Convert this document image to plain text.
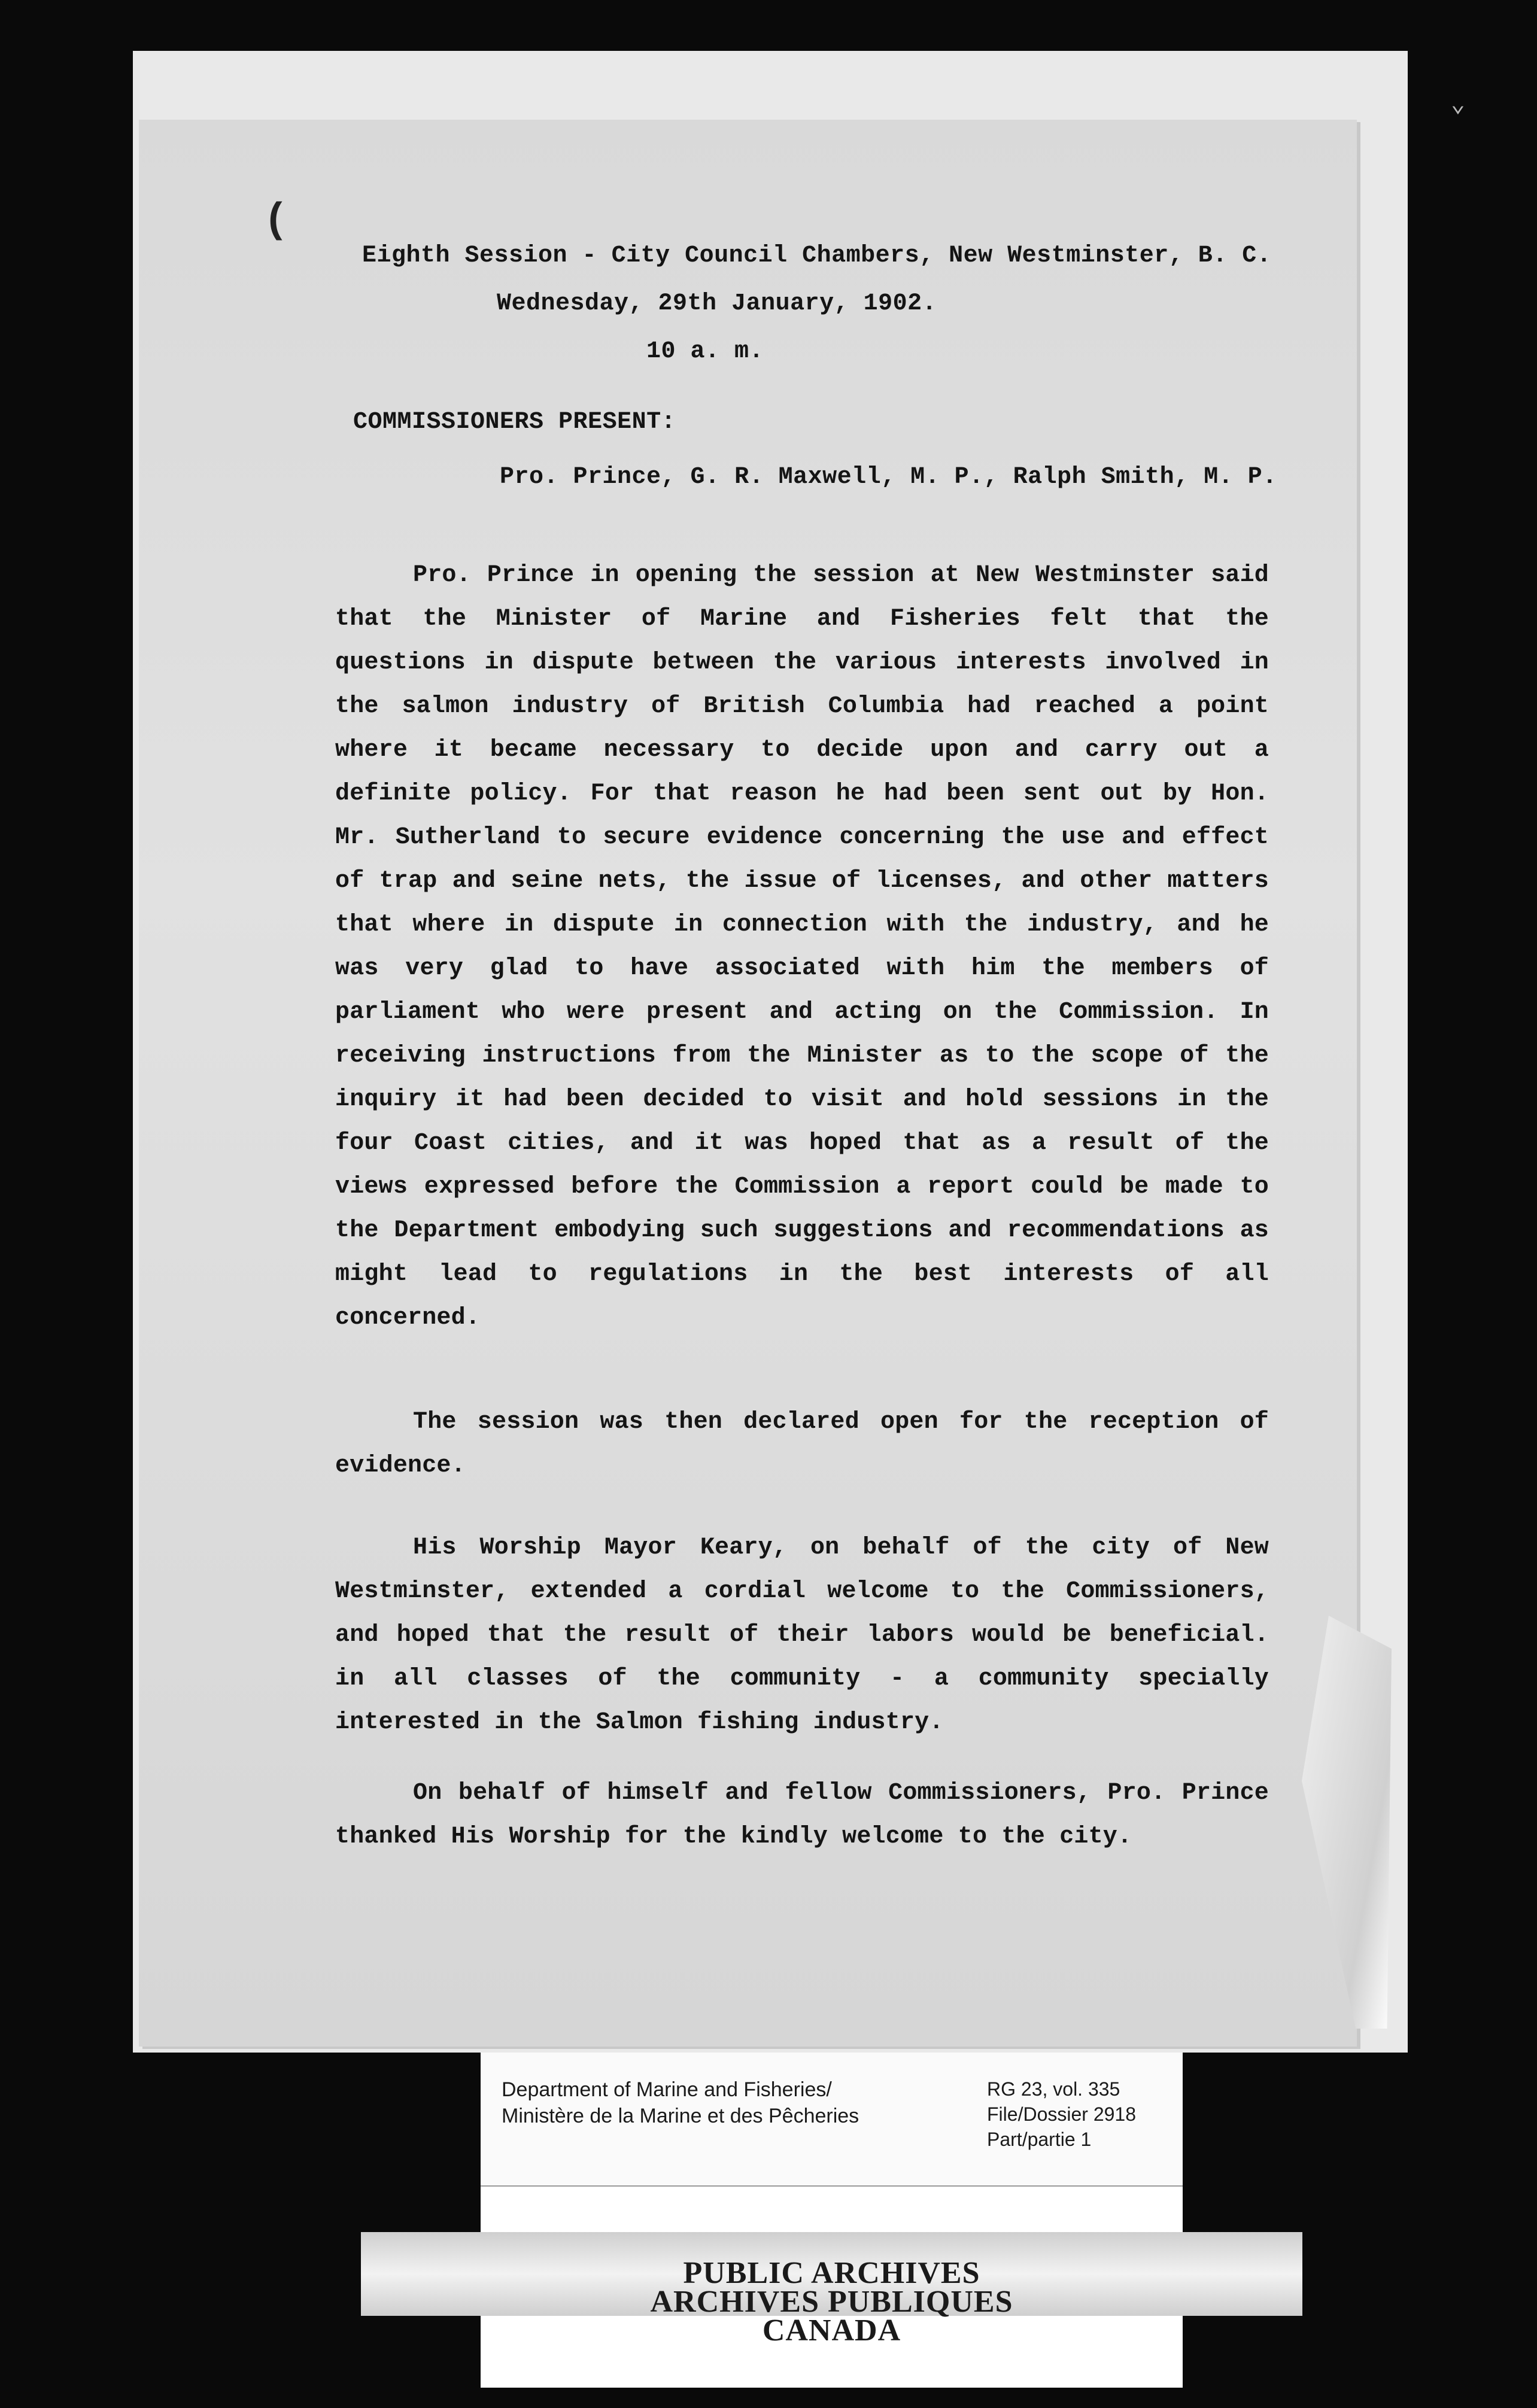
⌄
(

Eighth Session - City Council Chambers, New Westminster, B. C.

Wednesday, 29th January, 1902.

10 a. m.

COMMISSIONERS PRESENT:

Pro. Prince, G. R. Maxwell, M. P., Ralph Smith, M. P.

Pro. Prince in opening the session at New Westminster said that the Minister of Marine and Fisheries felt that the questions in dispute between the various interests involved in the salmon industry of British Columbia had reached a point where it became necessary to decide upon and carry out a definite policy. For that reason he had been sent out by Hon. Mr. Sutherland to secure evidence concerning the use and effect of trap and seine nets, the issue of licenses, and other matters that where in dispute in connection with the industry, and he was very glad to have associated with him the members of parliament who were present and acting on the Commission. In receiving instructions from the Minister as to the scope of the inquiry it had been decided to visit and hold sessions in the four Coast cities, and it was hoped that as a result of the views expressed before the Commission a report could be made to the Department embodying such suggestions and recommendations as might lead to regulations in the best interests of all concerned.

The session was then declared open for the reception of evidence.

His Worship Mayor Keary, on behalf of the city of New Westminster, extended a cordial welcome to the Commissioners, and hoped that the result of their labors would be beneficial. in all classes of the community - a community specially interested in the Salmon fishing industry.

On behalf of himself and fellow Commissioners, Pro. Prince thanked His Worship for the kindly welcome to the city.

Department of Marine and Fisheries/
Ministère de la Marine et des Pêcheries
RG 23, vol. 335
File/Dossier 2918
Part/partie 1
PUBLIC ARCHIVES
ARCHIVES PUBLIQUES
CANADA
